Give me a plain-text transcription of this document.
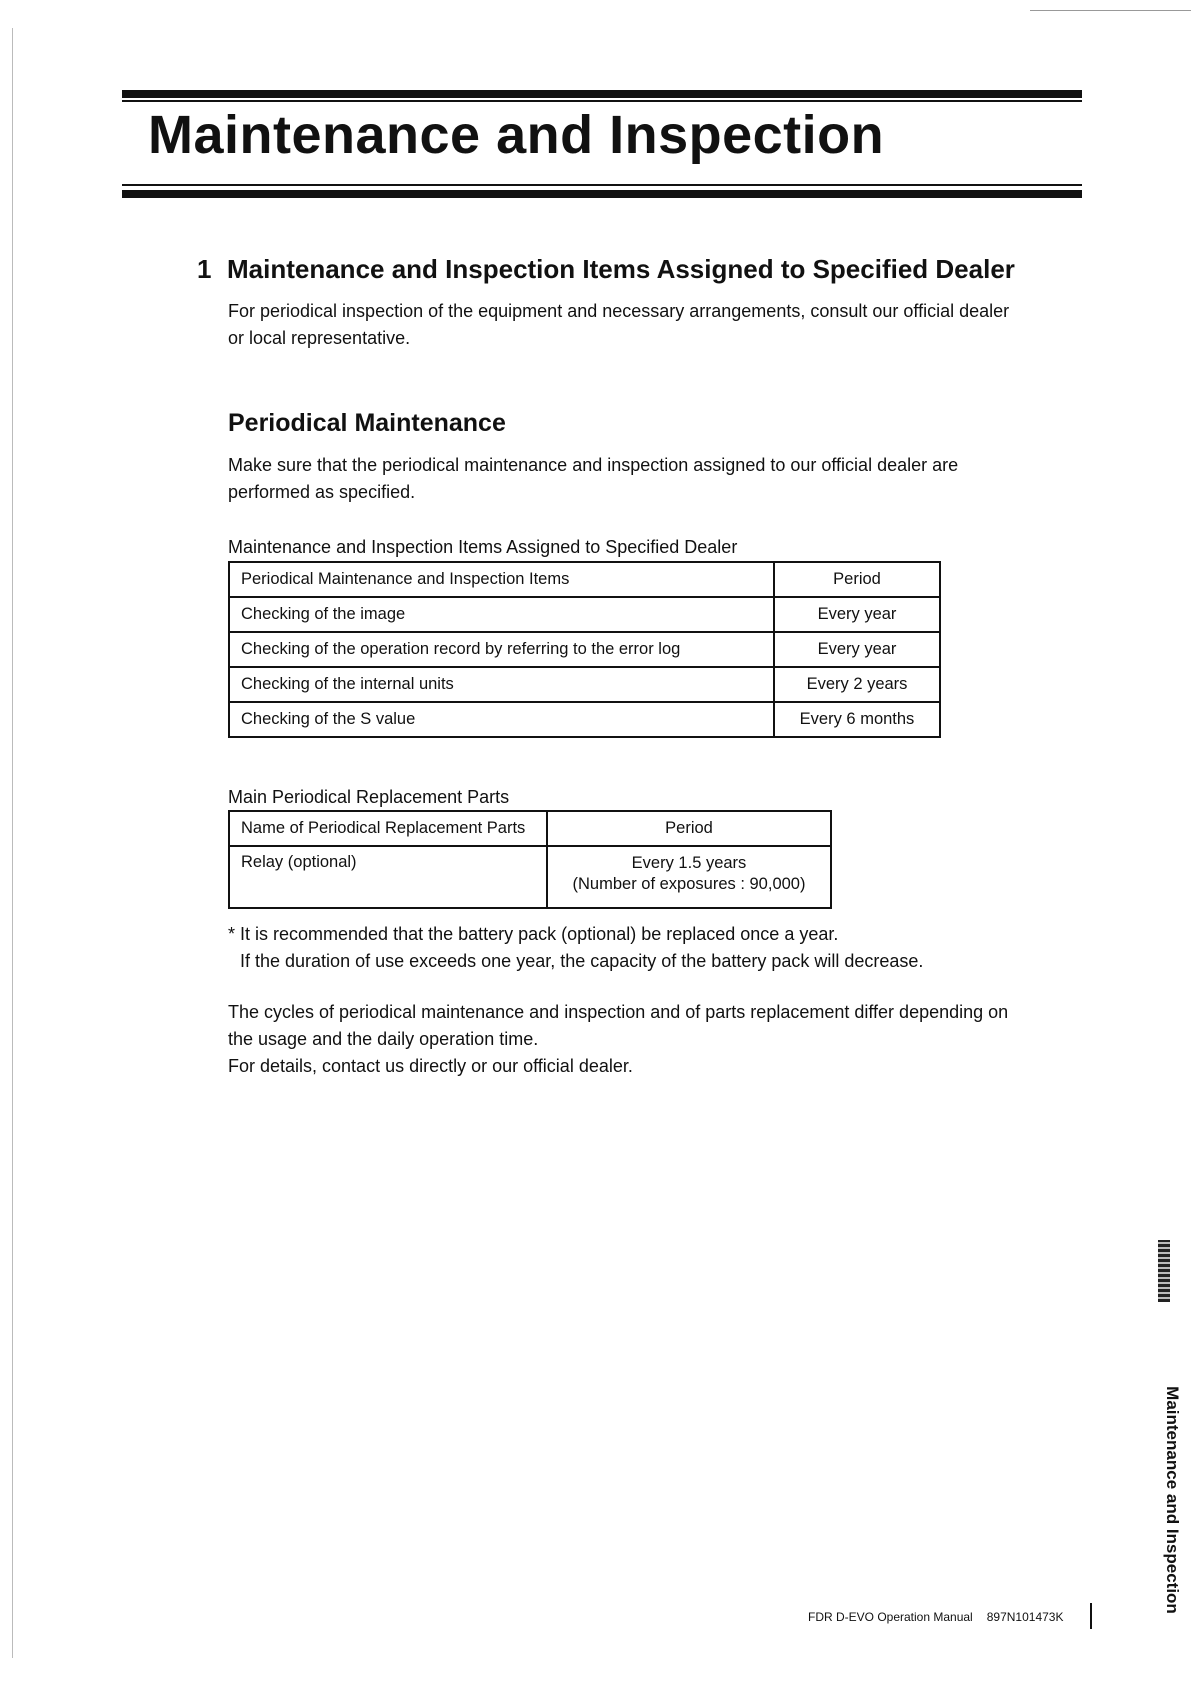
Maintenance and Inspection
1 Maintenance and Inspection Items Assigned to Specified Dealer

For periodical inspection of the equipment and necessary arrangements, consult our official dealer
or local representative.

Periodical Maintenance

Make sure that the periodical maintenance and inspection assigned to our official dealer are
performed as specified.

Maintenance and Inspection Items Assigned to Specified Dealer

Periodical Maintenance and Inspection Items	Period
Checking of the image	Every year
Checking of the operation record by referring to the error log	Every year
Checking of the internal units	Every 2 years
Checking of the S value	Every 6 months

Main Periodical Replacement Parts

Name of Periodical Replacement Parts	Period
Relay (optional)	Every 1.5 years
(Number of exposures : 90,000)

* It is recommended that the battery pack (optional) be replaced once a year.
If the duration of use exceeds one year, the capacity of the battery pack will decrease.

The cycles of periodical maintenance and inspection and of parts replacement differ depending on
the usage and the daily operation time.
For details, contact us directly or our official dealer.

Maintenance and Inspection
FDR D-EVO Operation Manual 897N101473K
